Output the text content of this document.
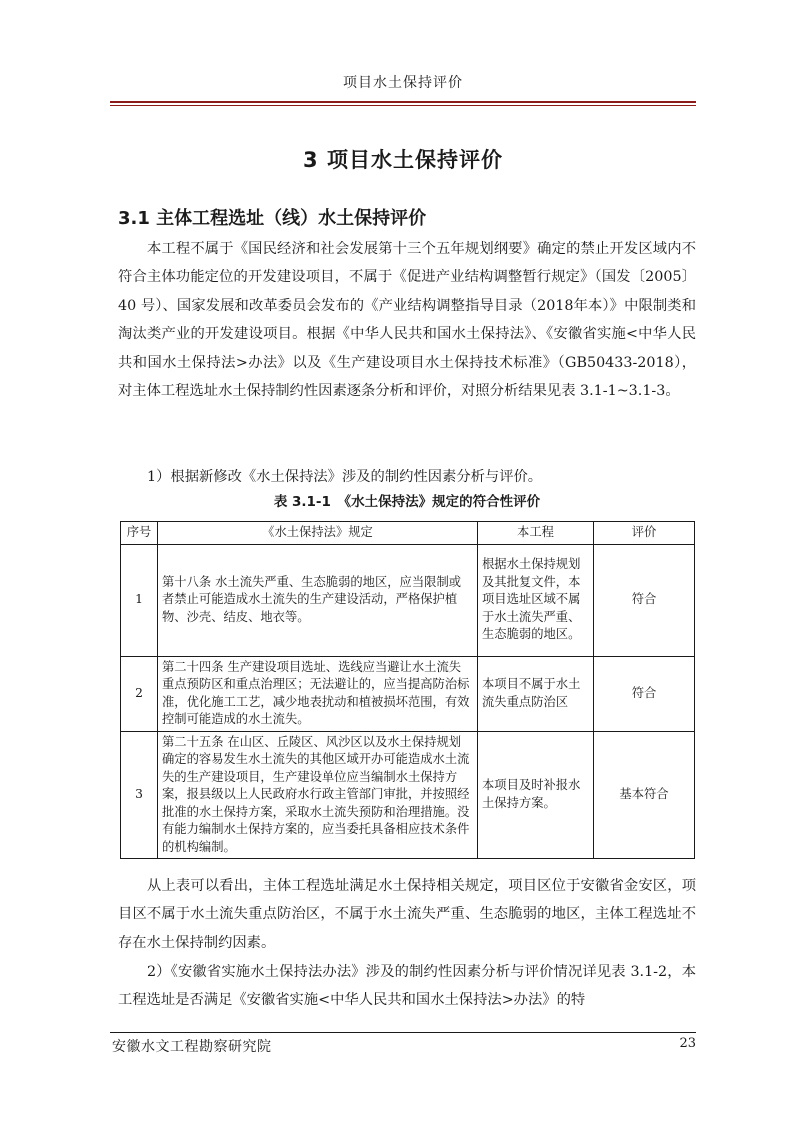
项目水土保持评价
3 项目水土保持评价
3.1 主体工程选址（线）水土保持评价

本工程不属于《国民经济和社会发展第十三个五年规划纲要》确定的禁止开发区域内不符合主体功能定位的开发建设项目，不属于《促进产业结构调整暂行规定》（国发〔2005〕40 号）、国家发展和改革委员会发布的《产业结构调整指导目录（2018年本）》中限制类和淘汰类产业的开发建设项目。根据《中华人民共和国水土保持法》、《安徽省实施<中华人民共和国水土保持法>办法》以及《生产建设项目水土保持技术标准》（GB50433-2018），对主体工程选址水土保持制约性因素逐条分析和评价，对照分析结果见表 3.1-1~3.1-3。

1）根据新修改《水土保持法》涉及的制约性因素分析与评价。

表 3.1-1　《水土保持法》规定的符合性评价
序号	《水土保持法》规定	本工程	评价
1	第十八条 水土流失严重、生态脆弱的地区，应当限制或者禁止可能造成水土流失的生产建设活动，严格保护植物、沙壳、结皮、地衣等。	根据水土保持规划及其批复文件，本项目选址区域不属于水土流失严重、生态脆弱的地区。	符合
2	第二十四条 生产建设项目选址、选线应当避让水土流失重点预防区和重点治理区；无法避让的，应当提高防治标准，优化施工工艺，减少地表扰动和植被损坏范围，有效控制可能造成的水土流失。	本项目不属于水土流失重点防治区	符合
3	第二十五条 在山区、丘陵区、风沙区以及水土保持规划确定的容易发生水土流失的其他区域开办可能造成水土流失的生产建设项目，生产建设单位应当编制水土保持方案，报县级以上人民政府水行政主管部门审批，并按照经批准的水土保持方案，采取水土流失预防和治理措施。没有能力编制水土保持方案的，应当委托具备相应技术条件的机构编制。	本项目及时补报水土保持方案。	基本符合

从上表可以看出，主体工程选址满足水土保持相关规定，项目区位于安徽省金安区，项目区不属于水土流失重点防治区，不属于水土流失严重、生态脆弱的地区，主体工程选址不存在水土保持制约因素。

2）《安徽省实施水土保持法办法》涉及的制约性因素分析与评价情况详见表 3.1-2，本工程选址是否满足《安徽省实施<中华人民共和国水土保持法>办法》的特

安徽水文工程勘察研究院	23
